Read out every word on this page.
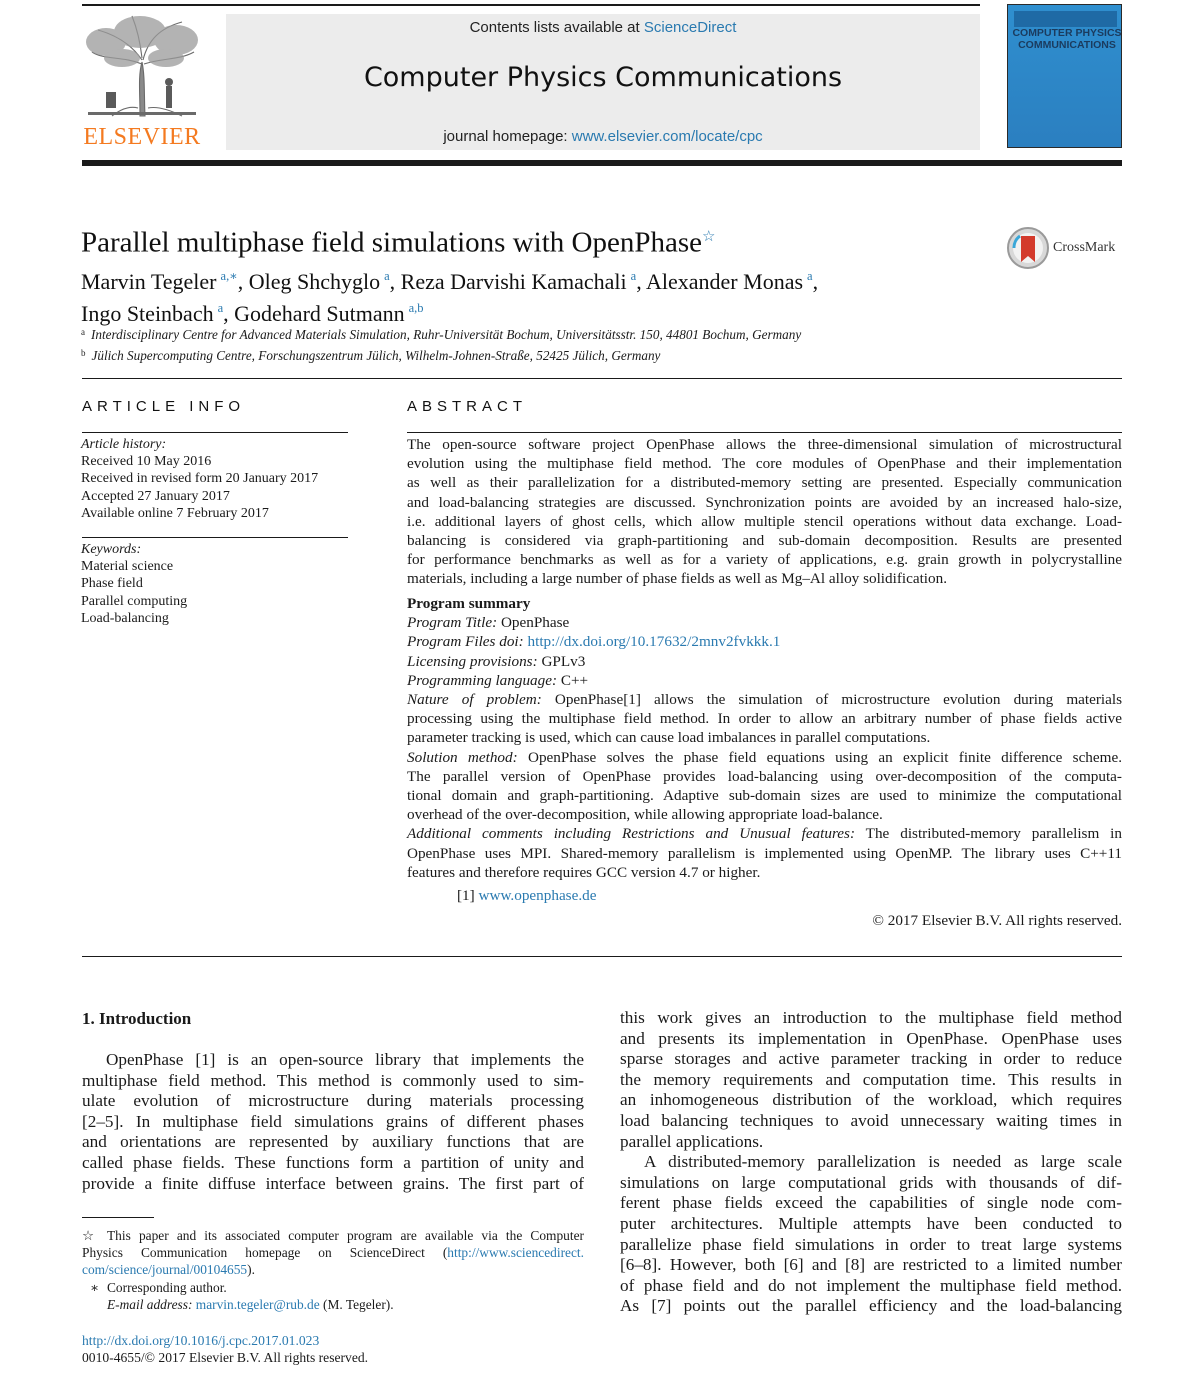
ELSEVIER
Contents lists available at ScienceDirect
Computer Physics Communications
journal homepage: www.elsevier.com/locate/cpc
COMPUTER PHYSICS
COMMUNICATIONS
Parallel multiphase field simulations with OpenPhase☆
CrossMark
Marvin Tegeler $^{a,∗}$, Oleg Shchyglo $^a$, Reza Darvishi Kamachali $^a$, Alexander Monas $^a$,
Ingo Steinbach $^a$, Godehard Sutmann $^{a,b}$
$^a$ Interdisciplinary Centre for Advanced Materials Simulation, Ruhr-Universität Bochum, Universitätsstr. 150, 44801 Bochum, Germany
$^b$ Jülich Supercomputing Centre, Forschungszentrum Jülich, Wilhelm-Johnen-Straße, 52425 Jülich, Germany
ARTICLE INFO	ABSTRACT
Article history:
Received 10 May 2016
Received in revised form 20 January 2017
Accepted 27 January 2017
Available online 7 February 2017
Keywords:
Material science
Phase field
Parallel computing
Load-balancing
The open-source software project OpenPhase allows the three-dimensional simulation of microstructural
evolution using the multiphase field method. The core modules of OpenPhase and their implementation
as well as their parallelization for a distributed-memory setting are presented. Especially communication
and load-balancing strategies are discussed. Synchronization points are avoided by an increased halo-size,
i.e. additional layers of ghost cells, which allow multiple stencil operations without data exchange. Load-
balancing is considered via graph-partitioning and sub-domain decomposition. Results are presented
for performance benchmarks as well as for a variety of applications, e.g. grain growth in polycrystalline
materials, including a large number of phase fields as well as Mg–Al alloy solidification.
Program summary
Program Title: OpenPhase
Program Files doi: http://dx.doi.org/10.17632/2mnv2fvkkk.1
Licensing provisions: GPLv3
Programming language: C++
Nature of problem: OpenPhase[1] allows the simulation of microstructure evolution during materials
processing using the multiphase field method. In order to allow an arbitrary number of phase fields active
parameter tracking is used, which can cause load imbalances in parallel computations.
Solution method: OpenPhase solves the phase field equations using an explicit finite difference scheme.
The parallel version of OpenPhase provides load-balancing using over-decomposition of the computa-
tional domain and graph-partitioning. Adaptive sub-domain sizes are used to minimize the computational
overhead of the over-decomposition, while allowing appropriate load-balance.
Additional comments including Restrictions and Unusual features: The distributed-memory parallelism in
OpenPhase uses MPI. Shared-memory parallelism is implemented using OpenMP. The library uses C++11
features and therefore requires GCC version 4.7 or higher.
[1] www.openphase.de
© 2017 Elsevier B.V. All rights reserved.
1. Introduction
OpenPhase [1] is an open-source library that implements the
multiphase field method. This method is commonly used to sim-
ulate evolution of microstructure during materials processing
[2–5]. In multiphase field simulations grains of different phases
and orientations are represented by auxiliary functions that are
called phase fields. These functions form a partition of unity and
provide a finite diffuse interface between grains. The first part of
this work gives an introduction to the multiphase field method
and presents its implementation in OpenPhase. OpenPhase uses
sparse storages and active parameter tracking in order to reduce
the memory requirements and computation time. This results in
an inhomogeneous distribution of the workload, which requires
load balancing techniques to avoid unnecessary waiting times in
parallel applications.
A distributed-memory parallelization is needed as large scale
simulations on large computational grids with thousands of dif-
ferent phase fields exceed the capabilities of single node com-
puter architectures. Multiple attempts have been conducted to
parallelize phase field simulations in order to treat large systems
[6–8]. However, both [6] and [8] are restricted to a limited number
of phase field and do not implement the multiphase field method.
As [7] points out the parallel efficiency and the load-balancing
☆ This paper and its associated computer program are available via the Computer
Physics Communication homepage on ScienceDirect (http://www.sciencedirect.
com/science/journal/00104655).
∗ Corresponding author.
E-mail address: marvin.tegeler@rub.de (M. Tegeler).
http://dx.doi.org/10.1016/j.cpc.2017.01.023
0010-4655/© 2017 Elsevier B.V. All rights reserved.
